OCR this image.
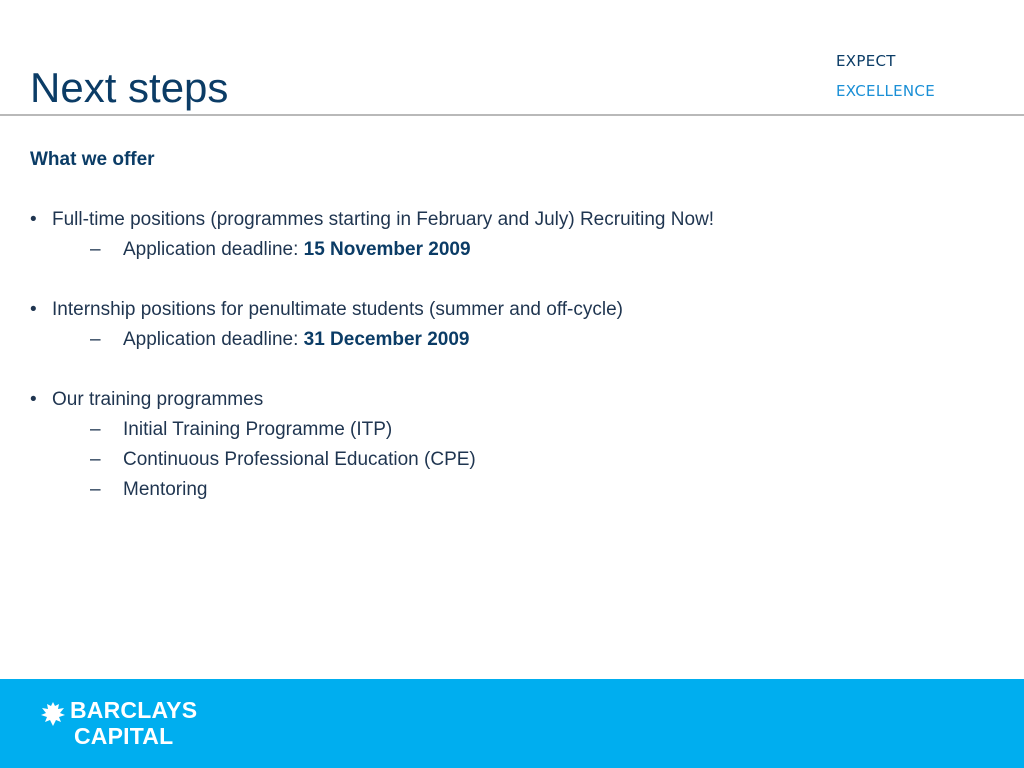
Next steps
EXPECT
EXCELLENCE

What we offer

• Full-time positions (programmes starting in February and July) Recruiting Now!
–	Application deadline: 15 November 2009
• Internship positions for penultimate students (summer and off-cycle)
–	Application deadline: 31 December 2009
• Our training programmes
–	Initial Training Programme (ITP)
–	Continuous Professional Education (CPE)
–	Mentoring
BARCLAYS
CAPITAL
